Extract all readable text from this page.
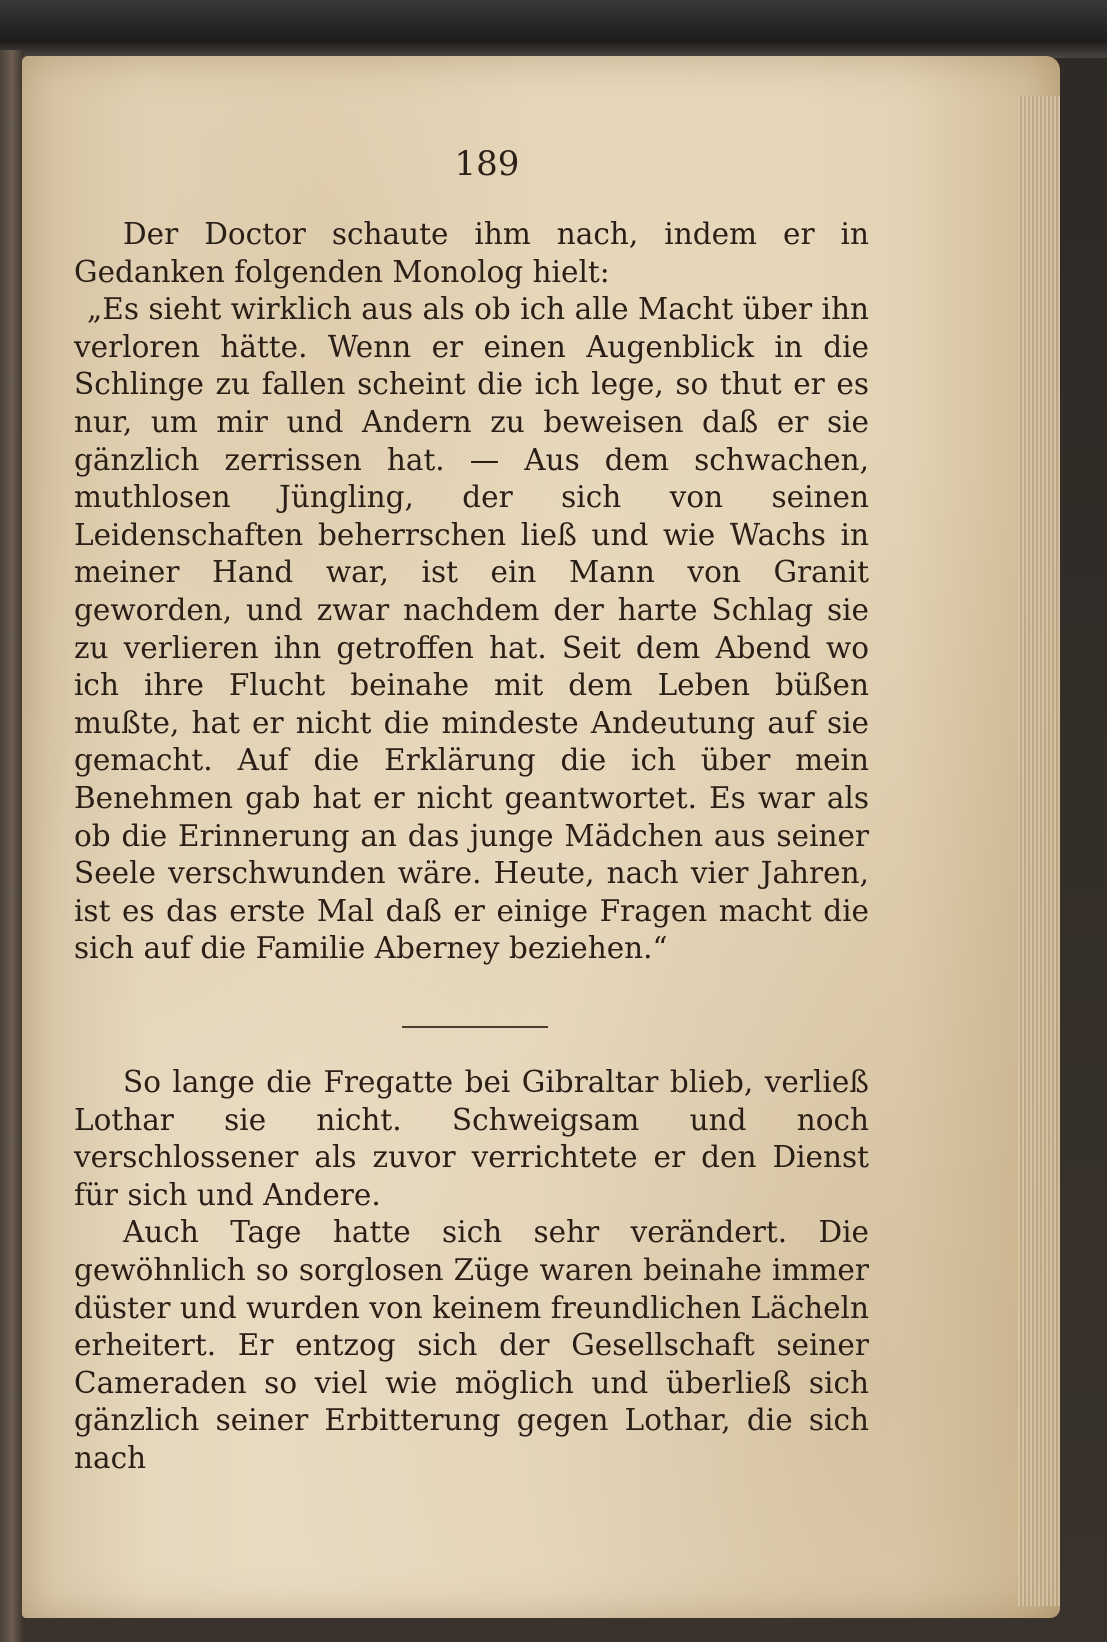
189

Der Doctor schaute ihm nach, indem er in Gedanken folgenden Monolog hielt:

„Es sieht wirklich aus als ob ich alle Macht über ihn verloren hätte. Wenn er einen Augenblick in die Schlinge zu fallen scheint die ich lege, so thut er es nur, um mir und Andern zu beweisen daß er sie gänzlich zerrissen hat. — Aus dem schwachen, muthlosen Jüngling, der sich von seinen Leidenschaften beherrschen ließ und wie Wachs in meiner Hand war, ist ein Mann von Granit geworden, und zwar nachdem der harte Schlag sie zu verlieren ihn getroffen hat. Seit dem Abend wo ich ihre Flucht beinahe mit dem Leben büßen mußte, hat er nicht die mindeste Andeutung auf sie gemacht. Auf die Erklärung die ich über mein Benehmen gab hat er nicht geantwortet. Es war als ob die Erinnerung an das junge Mädchen aus seiner Seele verschwunden wäre. Heute, nach vier Jahren, ist es das erste Mal daß er einige Fragen macht die sich auf die Familie Aberney beziehen.“

So lange die Fregatte bei Gibraltar blieb, verließ Lothar sie nicht. Schweigsam und noch verschlossener als zuvor verrichtete er den Dienst für sich und Andere.

Auch Tage hatte sich sehr verändert. Die gewöhnlich so sorglosen Züge waren beinahe immer düster und wurden von keinem freundlichen Lächeln erheitert. Er entzog sich der Gesellschaft seiner Cameraden so viel wie möglich und überließ sich gänzlich seiner Erbitterung gegen Lothar, die sich nach
